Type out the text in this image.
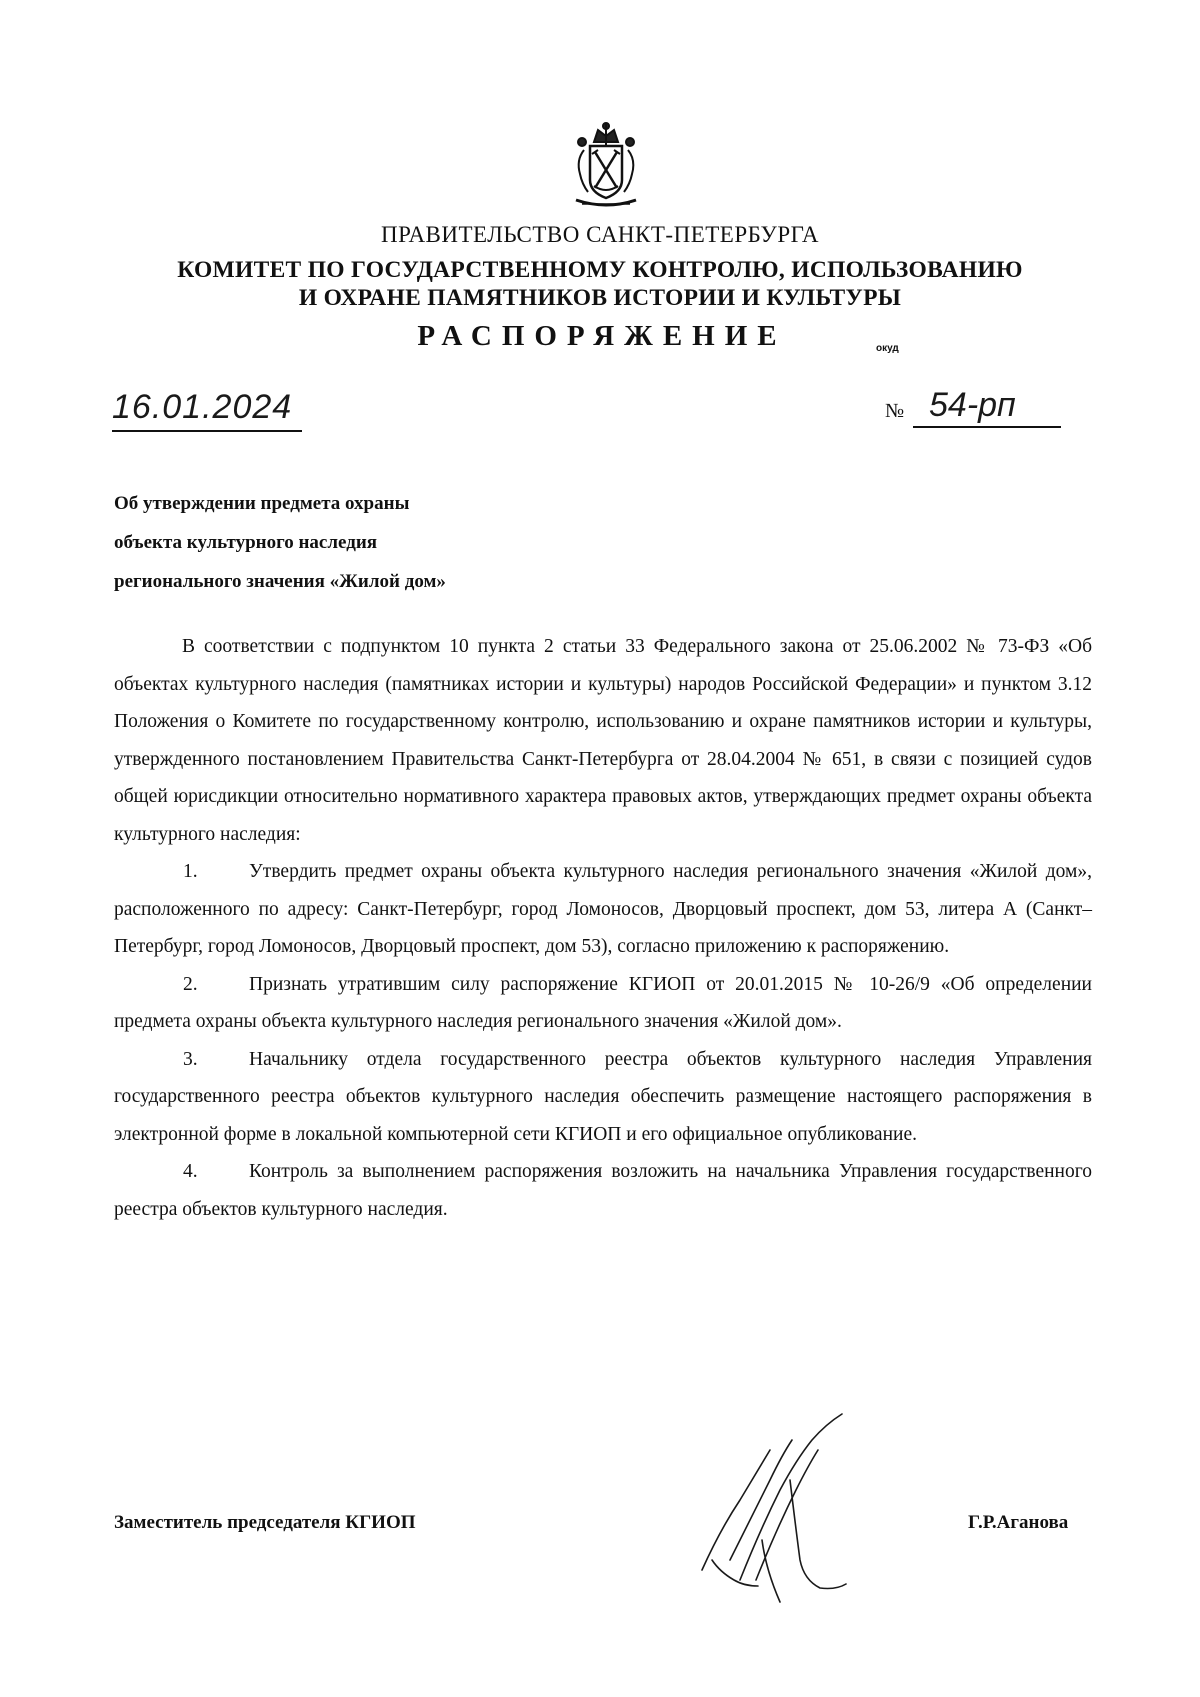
ПРАВИТЕЛЬСТВО САНКТ-ПЕТЕРБУРГА
КОМИТЕТ ПО ГОСУДАРСТВЕННОМУ КОНТРОЛЮ, ИСПОЛЬЗОВАНИЮ
И ОХРАНЕ ПАМЯТНИКОВ ИСТОРИИ И КУЛЬТУРЫ
РАСПОРЯЖЕНИЕ	окуд
16.01.2024	№ 54-рп
Об утверждении предмета охраны
объекта культурного наследия
регионального значения «Жилой дом»

В соответствии с подпунктом 10 пункта 2 статьи 33 Федерального закона от 25.06.2002 № 73-ФЗ «Об объектах культурного наследия (памятниках истории и культуры) народов Российской Федерации» и пунктом 3.12 Положения о Комитете по государственному контролю, использованию и охране памятников истории и культуры, утвержденного постановлением Правительства Санкт-Петербурга от 28.04.2004 № 651, в связи с позицией судов общей юрисдикции относительно нормативного характера правовых актов, утверждающих предмет охраны объекта культурного наследия:

1.	Утвердить предмет охраны объекта культурного наследия регионального значения «Жилой дом», расположенного по адресу: Санкт-Петербург, город Ломоносов, Дворцовый проспект, дом 53, литера А (Санкт–Петербург, город Ломоносов, Дворцовый проспект, дом 53), согласно приложению к распоряжению.

2.	Признать утратившим силу распоряжение КГИОП от 20.01.2015 № 10-26/9 «Об определении предмета охраны объекта культурного наследия регионального значения «Жилой дом».

3.	Начальнику отдела государственного реестра объектов культурного наследия Управления государственного реестра объектов культурного наследия обеспечить размещение настоящего распоряжения в электронной форме в локальной компьютерной сети КГИОП и его официальное опубликование.

4.	Контроль за выполнением распоряжения возложить на начальника Управления государственного реестра объектов культурного наследия.

Заместитель председателя КГИОП	Г.Р.Аганова
